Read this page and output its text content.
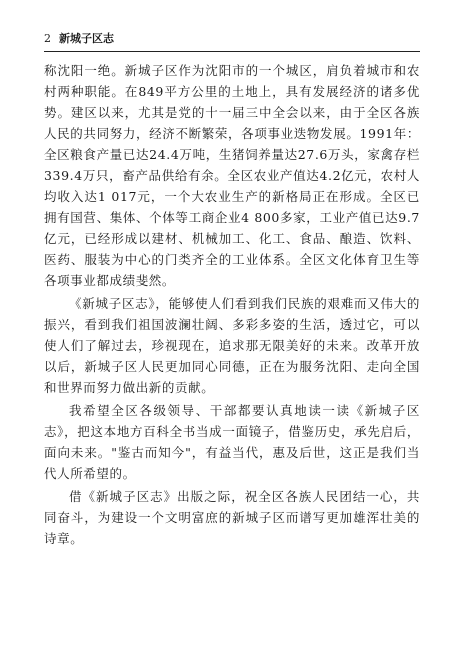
2 新城子区志

称沈阳一绝。新城子区作为沈阳市的一个城区，肩负着城市和农村两种职能。在849平方公里的土地上，具有发展经济的诸多优势。建区以来，尤其是党的十一届三中全会以来，由于全区各族人民的共同努力，经济不断繁荣，各项事业迭物发展。1991年：全区粮食产量已达24.4万吨，生猪饲养量达27.6万头，家禽存栏339.4万只，畜产品供给有余。全区农业产值达4.2亿元，农村人均收入达1 017元，一个大农业生产的新格局正在形成。全区已拥有国营、集体、个体等工商企业4 800多家，工业产值已达9.7亿元，已经形成以建材、机械加工、化工、食品、酿造、饮料、医药、服装为中心的门类齐全的工业体系。全区文化体育卫生等各项事业都成绩斐然。

《新城子区志》，能够使人们看到我们民族的艰难而又伟大的振兴，看到我们祖国波澜壮阔、多彩多姿的生活，透过它，可以使人们了解过去，珍视现在，追求那无限美好的未来。改革开放以后，新城子区人民更加同心同德，正在为服务沈阳、走向全国和世界而努力做出新的贡献。

我希望全区各级领导、干部都要认真地读一读《新城子区志》，把这本地方百科全书当成一面镜子，借鉴历史，承先启后，面向未来。"鉴古而知今"，有益当代，惠及后世，这正是我们当代人所希望的。

借《新城子区志》出版之际，祝全区各族人民团结一心，共同奋斗，为建设一个文明富庶的新城子区而谱写更加雄浑壮美的诗章。
